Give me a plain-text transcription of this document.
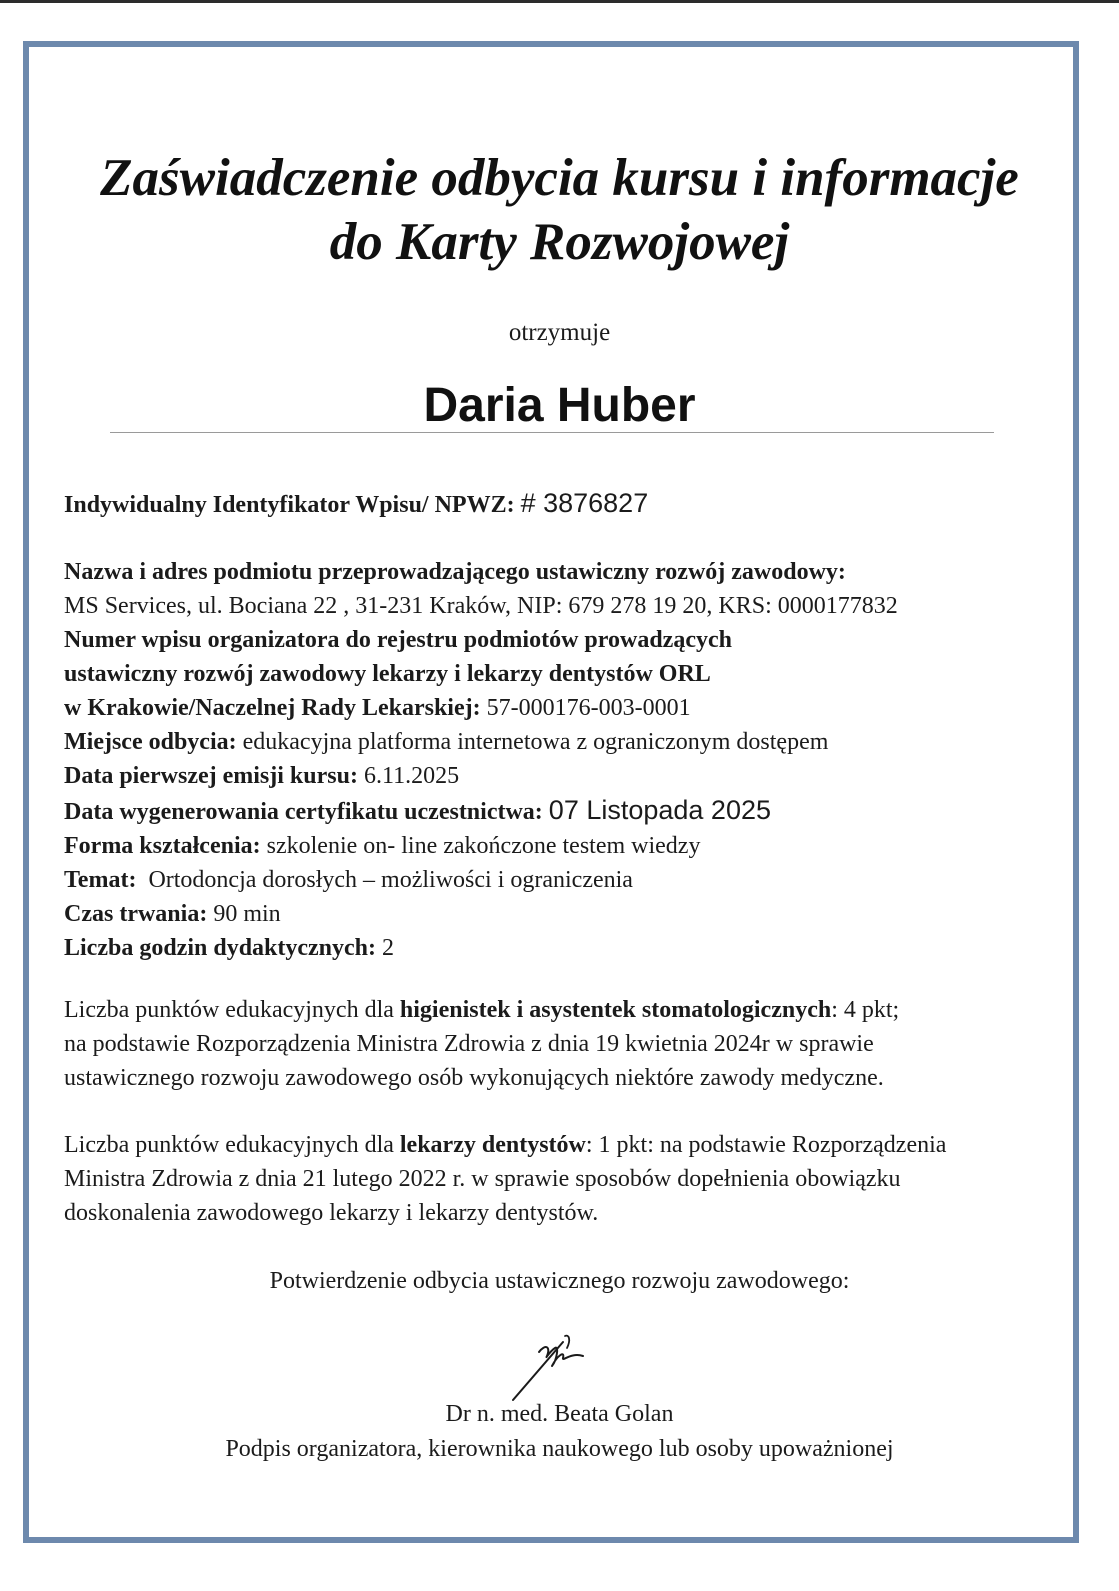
Zaświadczenie odbycia kursu i informacje
do Karty Rozwojowej
otrzymuje
Daria Huber
Indywidualny Identyfikator Wpisu/ NPWZ: # 3876827
Nazwa i adres podmiotu przeprowadzającego ustawiczny rozwój zawodowy:
MS Services, ul. Bociana 22 , 31-231 Kraków, NIP: 679 278 19 20, KRS: 0000177832
Numer wpisu organizatora do rejestru podmiotów prowadzących
ustawiczny rozwój zawodowy lekarzy i lekarzy dentystów ORL
w Krakowie/Naczelnej Rady Lekarskiej: 57-000176-003-0001
Miejsce odbycia: edukacyjna platforma internetowa z ograniczonym dostępem
Data pierwszej emisji kursu: 6.11.2025
Data wygenerowania certyfikatu uczestnictwa: 07 Listopada 2025
Forma kształcenia: szkolenie on- line zakończone testem wiedzy
Temat: Ortodoncja dorosłych – możliwości i ograniczenia
Czas trwania: 90 min
Liczba godzin dydaktycznych: 2
Liczba punktów edukacyjnych dla higienistek i asystentek stomatologicznych: 4 pkt;
na podstawie Rozporządzenia Ministra Zdrowia z dnia 19 kwietnia 2024r w sprawie
ustawicznego rozwoju zawodowego osób wykonujących niektóre zawody medyczne.
Liczba punktów edukacyjnych dla lekarzy dentystów: 1 pkt: na podstawie Rozporządzenia
Ministra Zdrowia z dnia 21 lutego 2022 r. w sprawie sposobów dopełnienia obowiązku
doskonalenia zawodowego lekarzy i lekarzy dentystów.
Potwierdzenie odbycia ustawicznego rozwoju zawodowego:
Dr n. med. Beata Golan
Podpis organizatora, kierownika naukowego lub osoby upoważnionej
